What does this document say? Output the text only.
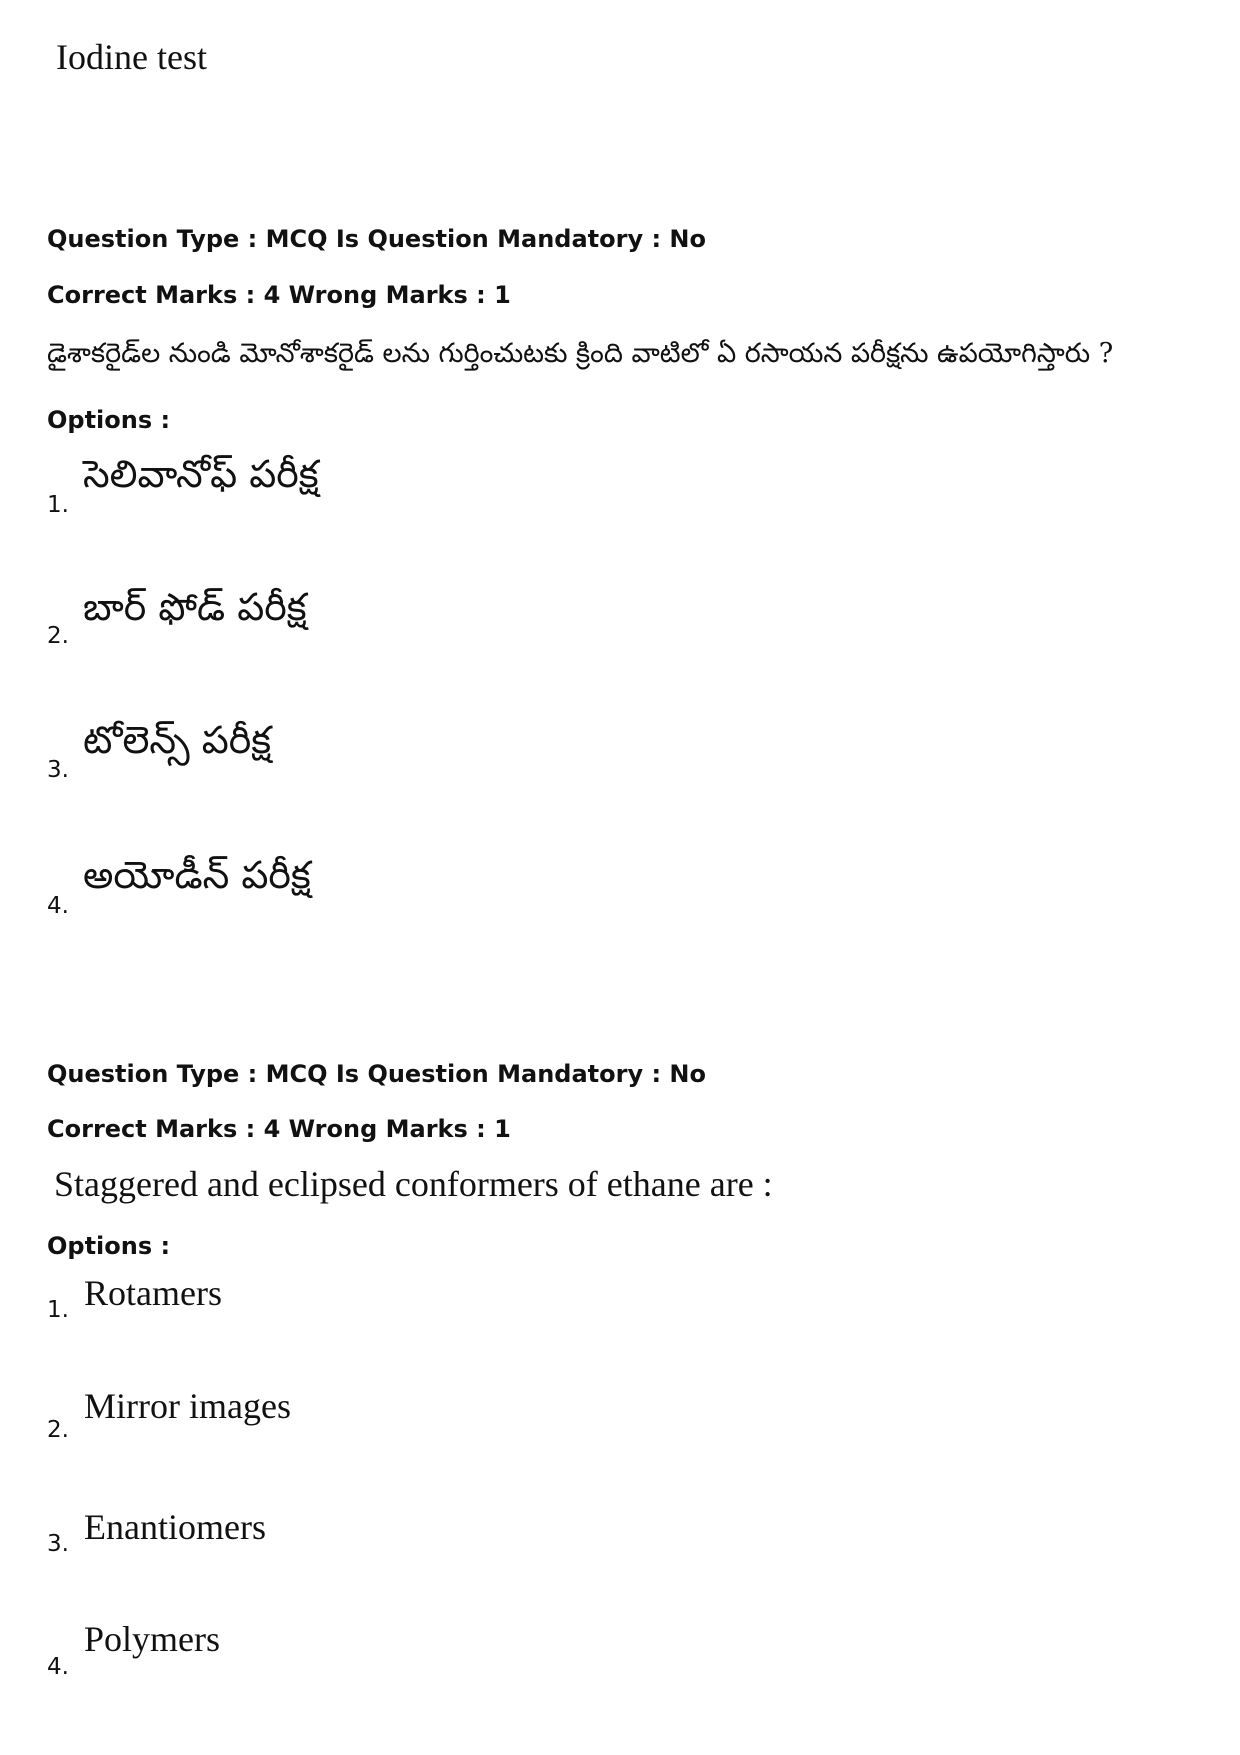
Iodine test
Question Type : MCQ Is Question Mandatory : No
Correct Marks : 4 Wrong Marks : 1
డైశాకరైడ్‌ల నుండి మోనోశాకరైడ్ లను గుర్తించుటకు క్రింది వాటిలో ఏ రసాయన పరీక్షను ఉపయోగిస్తారు ?
Options :
1.
సెలివానోఫ్ పరీక్ష
2.
బార్ ఫోడ్ పరీక్ష
3.
టోలెన్స్ పరీక్ష
4.
అయోడీన్ పరీక్ష
Question Type : MCQ Is Question Mandatory : No
Correct Marks : 4 Wrong Marks : 1
Staggered and eclipsed conformers of ethane are :
Options :
1. Rotamers
2.
Mirror images
3. Enantiomers
4.
Polymers
